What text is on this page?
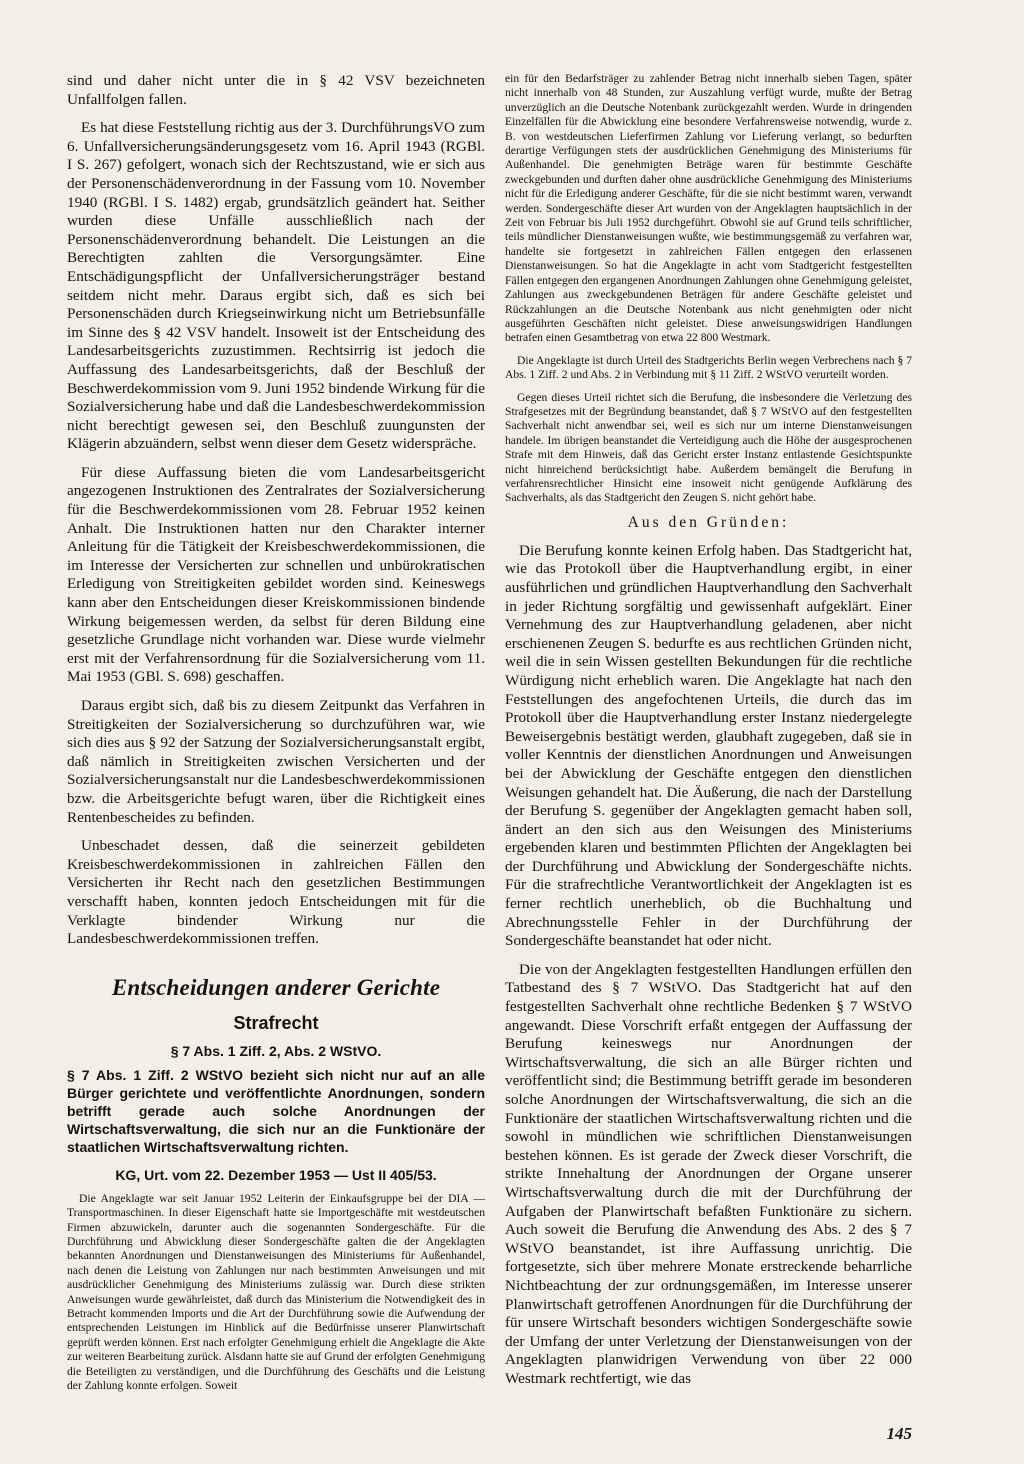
sind und daher nicht unter die in § 42 VSV bezeichneten Unfallfolgen fallen.

Es hat diese Feststellung richtig aus der 3. DurchführungsVO zum 6. Unfallversicherungsänderungsgesetz vom 16. April 1943 (RGBl. I S. 267) gefolgert, wonach sich der Rechtszustand, wie er sich aus der Personenschädenverordnung in der Fassung vom 10. November 1940 (RGBl. I S. 1482) ergab, grundsätzlich geändert hat. Seither wurden diese Unfälle ausschließlich nach der Personenschädenverordnung behandelt. Die Leistungen an die Berechtigten zahlten die Versorgungsämter. Eine Entschädigungspflicht der Unfallversicherungsträger bestand seitdem nicht mehr. Daraus ergibt sich, daß es sich bei Personenschäden durch Kriegseinwirkung nicht um Betriebsunfälle im Sinne des § 42 VSV handelt. Insoweit ist der Entscheidung des Landesarbeitsgerichts zuzustimmen. Rechtsirrig ist jedoch die Auffassung des Landesarbeitsgerichts, daß der Beschluß der Beschwerdekommission vom 9. Juni 1952 bindende Wirkung für die Sozialversicherung habe und daß die Landesbeschwerdekommission nicht berechtigt gewesen sei, den Beschluß zuungunsten der Klägerin abzuändern, selbst wenn dieser dem Gesetz widerspräche.

Für diese Auffassung bieten die vom Landesarbeitsgericht angezogenen Instruktionen des Zentralrates der Sozialversicherung für die Beschwerdekommissionen vom 28. Februar 1952 keinen Anhalt. Die Instruktionen hatten nur den Charakter interner Anleitung für die Tätigkeit der Kreisbeschwerdekommissionen, die im Interesse der Versicherten zur schnellen und unbürokratischen Erledigung von Streitigkeiten gebildet worden sind. Keineswegs kann aber den Entscheidungen dieser Kreiskommissionen bindende Wirkung beigemessen werden, da selbst für deren Bildung eine gesetzliche Grundlage nicht vorhanden war. Diese wurde vielmehr erst mit der Verfahrensordnung für die Sozialversicherung vom 11. Mai 1953 (GBl. S. 698) geschaffen.

Daraus ergibt sich, daß bis zu diesem Zeitpunkt das Verfahren in Streitigkeiten der Sozialversicherung so durchzuführen war, wie sich dies aus § 92 der Satzung der Sozialversicherungsanstalt ergibt, daß nämlich in Streitigkeiten zwischen Versicherten und der Sozialversicherungsanstalt nur die Landesbeschwerdekommissionen bzw. die Arbeitsgerichte befugt waren, über die Richtigkeit eines Rentenbescheides zu befinden.

Unbeschadet dessen, daß die seinerzeit gebildeten Kreisbeschwerdekommissionen in zahlreichen Fällen den Versicherten ihr Recht nach den gesetzlichen Bestimmungen verschafft haben, konnten jedoch Entscheidungen mit für die Verklagte bindender Wirkung nur die Landesbeschwerdekommissionen treffen.

Entscheidungen anderer Gerichte
Strafrecht
§ 7 Abs. 1 Ziff. 2, Abs. 2 WStVO.
§ 7 Abs. 1 Ziff. 2 WStVO bezieht sich nicht nur auf an alle Bürger gerichtete und veröffentlichte Anordnungen, sondern betrifft gerade auch solche Anordnungen der Wirtschaftsverwaltung, die sich nur an die Funktionäre der staatlichen Wirtschaftsverwaltung richten.
KG, Urt. vom 22. Dezember 1953 — Ust II 405/53.

Die Angeklagte war seit Januar 1952 Leiterin der Einkaufsgruppe bei der DIA — Transportmaschinen. In dieser Eigenschaft hatte sie Importgeschäfte mit westdeutschen Firmen abzuwickeln, darunter auch die sogenannten Sondergeschäfte. Für die Durchführung und Abwicklung dieser Sondergeschäfte galten die der Angeklagten bekannten Anordnungen und Dienstanweisungen des Ministeriums für Außenhandel, nach denen die Leistung von Zahlungen nur nach bestimmten Anweisungen und mit ausdrücklicher Genehmigung des Ministeriums zulässig war. Durch diese strikten Anweisungen wurde gewährleistet, daß durch das Ministerium die Notwendigkeit des in Betracht kommenden Imports und die Art der Durchführung sowie die Aufwendung der entsprechenden Leistungen im Hinblick auf die Bedürfnisse unserer Planwirtschaft geprüft werden können. Erst nach erfolgter Genehmigung erhielt die Angeklagte die Akte zur weiteren Bearbeitung zurück. Alsdann hatte sie auf Grund der erfolgten Genehmigung die Beteiligten zu verständigen, und die Durchführung des Geschäfts und die Leistung der Zahlung konnte erfolgen. Soweit

ein für den Bedarfsträger zu zahlender Betrag nicht innerhalb sieben Tagen, später nicht innerhalb von 48 Stunden, zur Auszahlung verfügt wurde, mußte der Betrag unverzüglich an die Deutsche Notenbank zurückgezahlt werden. Wurde in dringenden Einzelfällen für die Abwicklung eine besondere Verfahrensweise notwendig, wurde z. B. von westdeutschen Lieferfirmen Zahlung vor Lieferung verlangt, so bedurften derartige Verfügungen stets der ausdrücklichen Genehmigung des Ministeriums für Außenhandel. Die genehmigten Beträge waren für bestimmte Geschäfte zweckgebunden und durften daher ohne ausdrückliche Genehmigung des Ministeriums nicht für die Erledigung anderer Geschäfte, für die sie nicht bestimmt waren, verwandt werden. Sondergeschäfte dieser Art wurden von der Angeklagten hauptsächlich in der Zeit von Februar bis Juli 1952 durchgeführt. Obwohl sie auf Grund teils schriftlicher, teils mündlicher Dienstanweisungen wußte, wie bestimmungsgemäß zu verfahren war, handelte sie fortgesetzt in zahlreichen Fällen entgegen den erlassenen Dienstanweisungen. So hat die Angeklagte in acht vom Stadtgericht festgestellten Fällen entgegen den ergangenen Anordnungen Zahlungen ohne Genehmigung geleistet, Zahlungen aus zweckgebundenen Beträgen für andere Geschäfte geleistet und Rückzahlungen an die Deutsche Notenbank aus nicht genehmigten oder nicht ausgeführten Geschäften nicht geleistet. Diese anweisungswidrigen Handlungen betrafen einen Gesamtbetrag von etwa 22 800 Westmark.

Die Angeklagte ist durch Urteil des Stadtgerichts Berlin wegen Verbrechens nach § 7 Abs. 1 Ziff. 2 und Abs. 2 in Verbindung mit § 11 Ziff. 2 WStVO verurteilt worden.

Gegen dieses Urteil richtet sich die Berufung, die insbesondere die Verletzung des Strafgesetzes mit der Begründung beanstandet, daß § 7 WStVO auf den festgestellten Sachverhalt nicht anwendbar sei, weil es sich nur um interne Dienstanweisungen handele. Im übrigen beanstandet die Verteidigung auch die Höhe der ausgesprochenen Strafe mit dem Hinweis, daß das Gericht erster Instanz entlastende Gesichtspunkte nicht hinreichend berücksichtigt habe. Außerdem bemängelt die Berufung in verfahrensrechtlicher Hinsicht eine insoweit nicht genügende Aufklärung des Sachverhalts, als das Stadtgericht den Zeugen S. nicht gehört habe.

Aus den Gründen:

Die Berufung konnte keinen Erfolg haben. Das Stadtgericht hat, wie das Protokoll über die Hauptverhandlung ergibt, in einer ausführlichen und gründlichen Hauptverhandlung den Sachverhalt in jeder Richtung sorgfältig und gewissenhaft aufgeklärt. Einer Vernehmung des zur Hauptverhandlung geladenen, aber nicht erschienenen Zeugen S. bedurfte es aus rechtlichen Gründen nicht, weil die in sein Wissen gestellten Bekundungen für die rechtliche Würdigung nicht erheblich waren. Die Angeklagte hat nach den Feststellungen des angefochtenen Urteils, die durch das im Protokoll über die Hauptverhandlung erster Instanz niedergelegte Beweisergebnis bestätigt werden, glaubhaft zugegeben, daß sie in voller Kenntnis der dienstlichen Anordnungen und Anweisungen bei der Abwicklung der Geschäfte entgegen den dienstlichen Weisungen gehandelt hat. Die Äußerung, die nach der Darstellung der Berufung S. gegenüber der Angeklagten gemacht haben soll, ändert an den sich aus den Weisungen des Ministeriums ergebenden klaren und bestimmten Pflichten der Angeklagten bei der Durchführung und Abwicklung der Sondergeschäfte nichts. Für die strafrechtliche Verantwortlichkeit der Angeklagten ist es ferner rechtlich unerheblich, ob die Buchhaltung und Abrechnungsstelle Fehler in der Durchführung der Sondergeschäfte beanstandet hat oder nicht.

Die von der Angeklagten festgestellten Handlungen erfüllen den Tatbestand des § 7 WStVO. Das Stadtgericht hat auf den festgestellten Sachverhalt ohne rechtliche Bedenken § 7 WStVO angewandt. Diese Vorschrift erfaßt entgegen der Auffassung der Berufung keineswegs nur Anordnungen der Wirtschaftsverwaltung, die sich an alle Bürger richten und veröffentlicht sind; die Bestimmung betrifft gerade im besonderen solche Anordnungen der Wirtschaftsverwaltung, die sich an die Funktionäre der staatlichen Wirtschaftsverwaltung richten und die sowohl in mündlichen wie schriftlichen Dienstanweisungen bestehen können. Es ist gerade der Zweck dieser Vorschrift, die strikte Innehaltung der Anordnungen der Organe unserer Wirtschaftsverwaltung durch die mit der Durchführung der Aufgaben der Planwirtschaft befaßten Funktionäre zu sichern. Auch soweit die Berufung die Anwendung des Abs. 2 des § 7 WStVO beanstandet, ist ihre Auffassung unrichtig. Die fortgesetzte, sich über mehrere Monate erstreckende beharrliche Nichtbeachtung der zur ordnungsgemäßen, im Interesse unserer Planwirtschaft getroffenen Anordnungen für die Durchführung der für unsere Wirtschaft besonders wichtigen Sondergeschäfte sowie der Umfang der unter Verletzung der Dienstanweisungen von der Angeklagten planwidrigen Verwendung von über 22 000 Westmark rechtfertigt, wie das

145
